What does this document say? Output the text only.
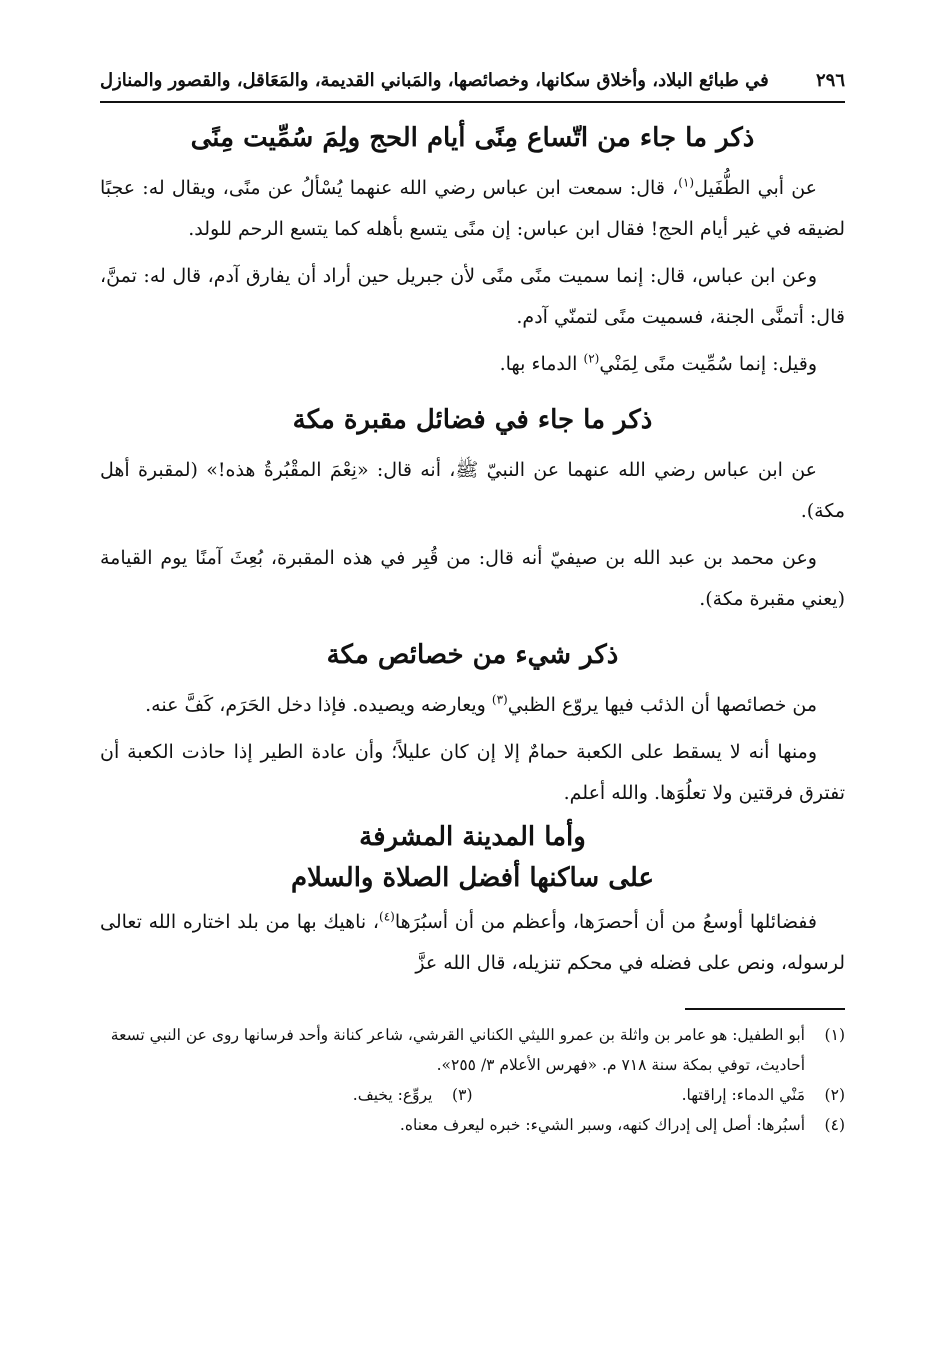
٢٩٦
في طبائع البلاد، وأخلاق سكانها، وخصائصها، والمَباني القديمة، والمَعَاقل، والقصور والمنازل
ذكر ما جاء من اتّساع مِنًى أيام الحج ولِمَ سُمِّيت مِنًى

عن أبي الطُّفَيل$^{(١)}$، قال: سمعت ابن عباس رضي الله عنهما يُسْألُ عن منًى، ويقال له: عجبًا لضيقه في غير أيام الحج! فقال ابن عباس: إن منًى يتسع بأهله كما يتسع الرحم للولد.

وعن ابن عباس، قال: إنما سميت منًى منًى لأن جبريل حين أراد أن يفارق آدم، قال له: تمنَّ، قال: أتمنَّى الجنة، فسميت منًى لتمنّي آدم.

وقيل: إنما سُمِّيت منًى لِمَنْي$^{(٢)}$ الدماء بها.

ذكر ما جاء في فضائل مقبرة مكة

عن ابن عباس رضي الله عنهما عن النبيّ ﷺ، أنه قال: «نِعْمَ المقْبُرةُ هذه!» (لمقبرة أهل مكة).

وعن محمد بن عبد الله بن صيفيّ أنه قال: من قُبِر في هذه المقبرة، بُعِثَ آمنًا يوم القيامة (يعني مقبرة مكة).

ذكر شيء من خصائص مكة

من خصائصها أن الذئب فيها يروّع الظبي$^{(٣)}$ ويعارضه ويصيده. فإذا دخل الحَرَم، كَفَّ عنه.

ومنها أنه لا يسقط على الكعبة حمامٌ إلا إن كان عليلاً؛ وأن عادة الطير إذا حاذت الكعبة أن تفترق فرقتين ولا تعلُوَها. والله أعلم.

وأما المدينة المشرفة
على ساكنها أفضل الصلاة والسلام

ففضائلها أوسعُ من أن أحصرَها، وأعظم من أن أسبُرَها$^{(٤)}$، ناهيك بها من بلد اختاره الله تعالى لرسوله، ونص على فضله في محكم تنزيله، قال الله عزَّ

(١)
أبو الطفيل: هو عامر بن واثلة بن عمرو الليثي الكناني القرشي، شاعر كنانة وأحد فرسانها روى عن النبي تسعة أحاديث، توفي بمكة سنة ٧١٨ م. «فهرس الأعلام ٣/ ٢٥٥».
(٢)
مَنْي الدماء: إراقتها.
(٣)
يروِّع: يخيف.
(٤)
أسبُرها: أصل إلى إدراك كنهه، وسبر الشيء: خبره ليعرف معناه.
